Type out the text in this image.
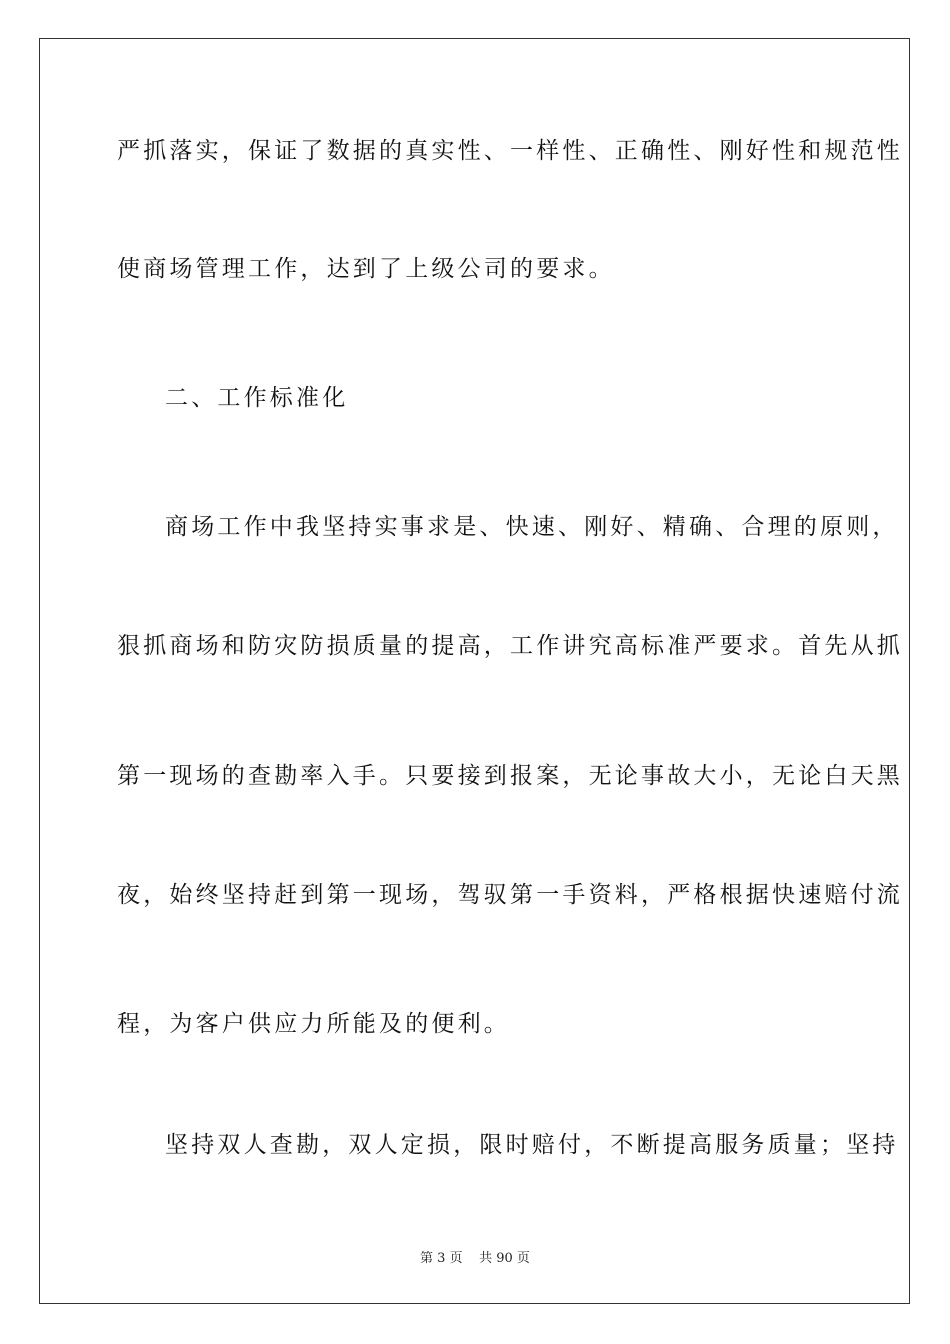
严抓落实，保证了数据的真实性、一样性、正确性、刚好性和规范性
使商场管理工作，达到了上级公司的要求。
二、工作标准化
商场工作中我坚持实事求是、快速、刚好、精确、合理的原则，
狠抓商场和防灾防损质量的提高，工作讲究高标准严要求。首先从抓
第一现场的查勘率入手。只要接到报案，无论事故大小，无论白天黑
夜，始终坚持赶到第一现场，驾驭第一手资料，严格根据快速赔付流
程，为客户供应力所能及的便利。
坚持双人查勘，双人定损，限时赔付，不断提高服务质量；坚持
第 3 页 共 90 页
